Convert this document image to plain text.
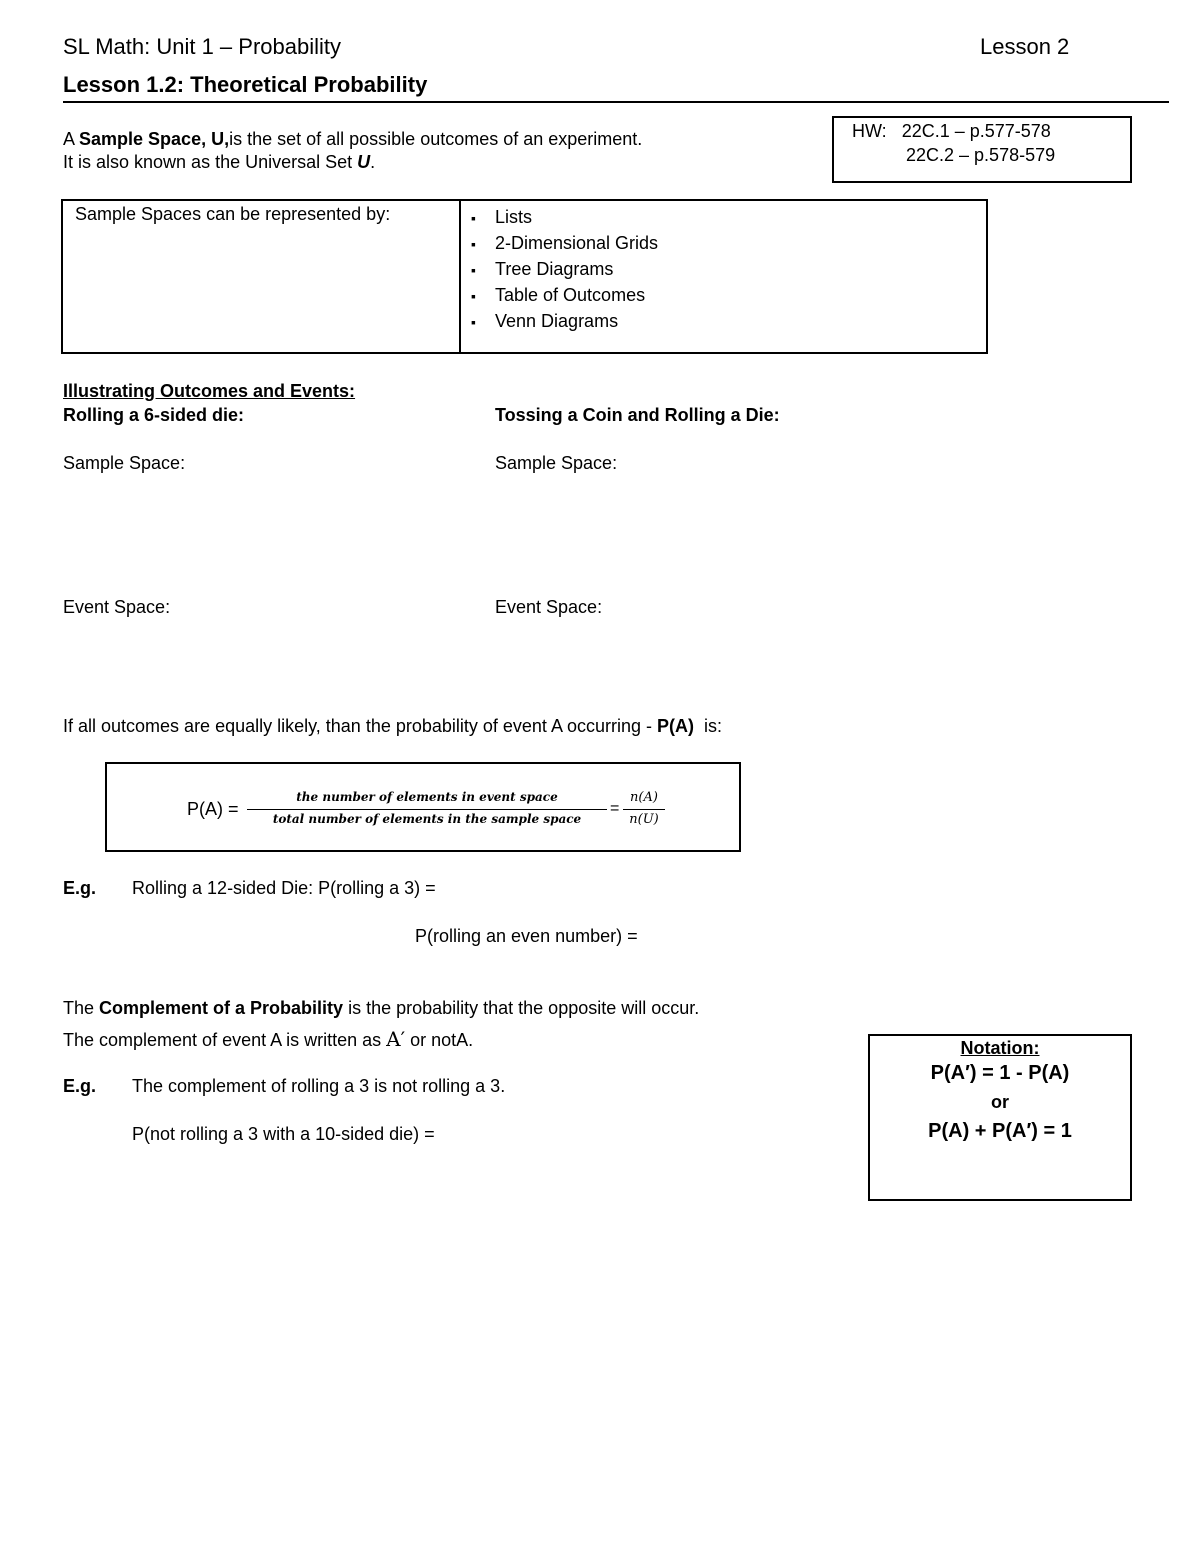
SL Math: Unit 1 – Probability	Lesson 2
Lesson 1.2: Theoretical Probability
HW: 22C.1 – p.577-578
22C.2 – p.578-579
A Sample Space, U,is the set of all possible outcomes of an experiment.
It is also known as the Universal Set U.
Sample Spaces can be represented by:	▪ Lists
▪ 2-Dimensional Grids
▪ Tree Diagrams
▪ Table of Outcomes
▪ Venn Diagrams
Illustrating Outcomes and Events:
Rolling a 6-sided die:	Tossing a Coin and Rolling a Die:
Sample Space:	Sample Space:
Event Space:	Event Space:
If all outcomes are equally likely, than the probability of event A occurring - P(A)  is:
P(A) =
the number of elements in event space
total number of elements in the sample space
=
n(A)
n(U)
E.g. Rolling a 12-sided Die: P(rolling a 3) =
P(rolling an even number) =
The Complement of a Probability is the probability that the opposite will occur.
The complement of event A is written as A′ or notA.
E.g. The complement of rolling a 3 is not rolling a 3.
P(not rolling a 3 with a 10-sided die) =
Notation:
P(A′) = 1 - P(A)
or
P(A) + P(A′) = 1
